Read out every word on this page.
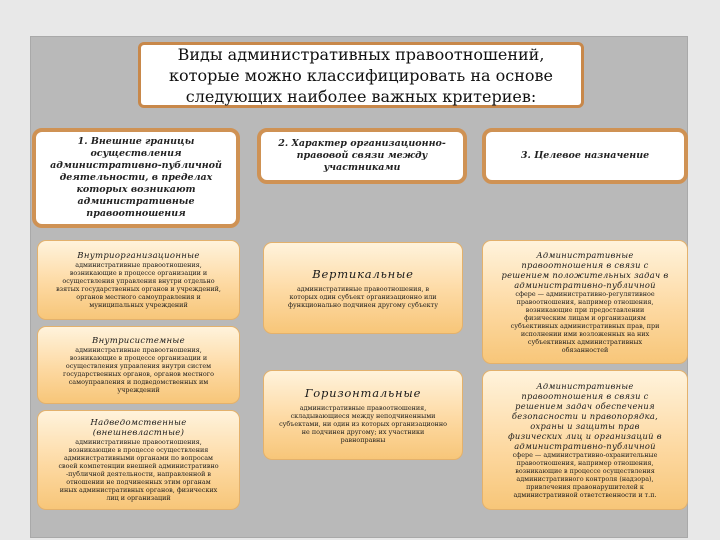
Виды административных правоотношений,
которые можно классифицировать на основе
следующих наиболее важных критериев:
1. Внешние границы
осуществления
административно-публичной
деятельности, в пределах
которых возникают
административные
правоотношения
2. Характер организационно-
правовой связи между
участниками
3. Целевое назначение
Внутриорганизационные
административные правоотношения,
возникающие в процессе организации и
осуществления управления внутри отдельно
взятых государственных органов и учреждений,
органов местного самоуправления и
муниципальных учреждений
Внутрисистемные
административные правоотношения,
возникающие в процессе организации и
осуществления управления внутри систем
государственных органов, органов местного
самоуправления и подведомственных им
учреждений
Надведомственные
(внешневластные)
административные правоотношения,
возникающие в процессе осуществления
административными органами по вопросам
своей компетенции внешней административно
-публичной деятельности, направленной в
отношении не подчиненных этим органам
иных административных органов, физических
лиц и организаций
Вертикальные
административные правоотношения, в
которых один субъект организационно или
функционально подчинен другому субъекту
Горизонтальные
административные правоотношения,
складывающиеся между неподчиненными
субъектами, ни один из которых организационно
не подчинен другому; их участники
равноправны
Административные
правоотношения в связи с
решением положительных задач в
административно-публичной
сфере — административно-регулятивное
правоотношения, например отношения,
возникающие при предоставлении
физическим лицам и организациям
субъективных административных прав, при
исполнении ими возложенных на них
субъективных административных
обязанностей
Административные
правоотношения в связи с
решением задач обеспечения
безопасности и правопорядка,
охраны и защиты прав
физических лиц и организаций в
административно-публичной
сфере — административно-охранительные
правоотношения, например отношения,
возникающие в процессе осуществления
административного контроля (надзора),
привлечения правонарушителей к
административной ответственности и т.п.
